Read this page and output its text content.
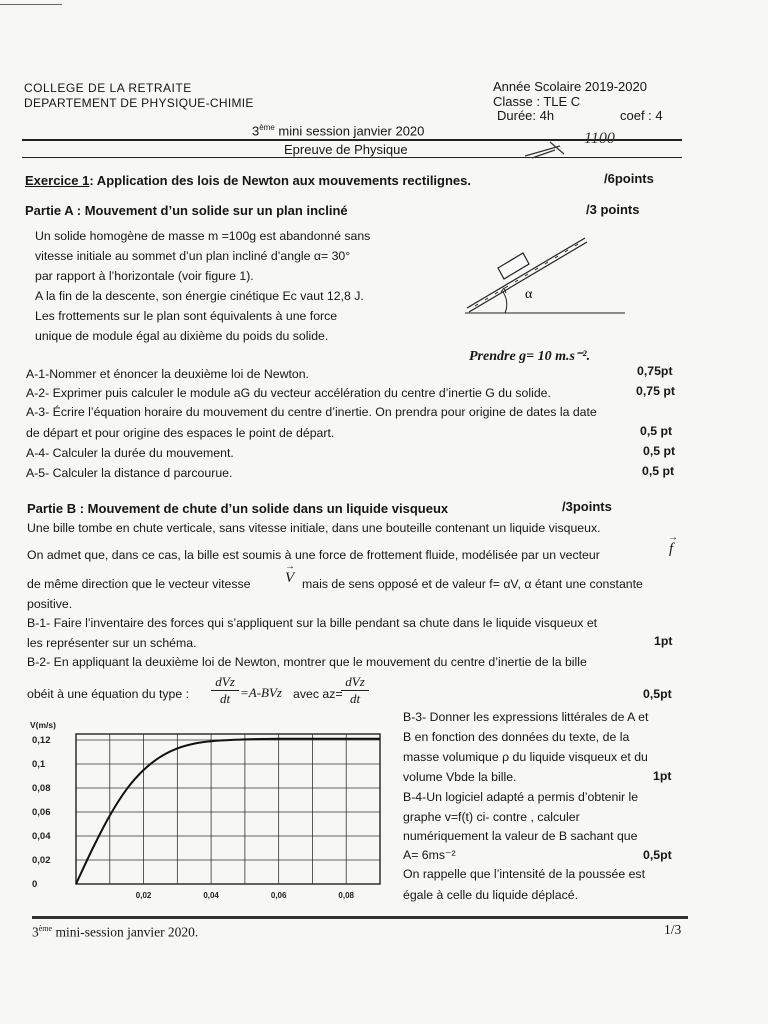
COLLEGE DE LA RETRAITE
DEPARTEMENT DE PHYSIQUE-CHIMIE
Année Scolaire 2019-2020
Classe : TLE C
Durée: 4h	coef : 4
3ème mini session janvier 2020
Epreuve de Physique
1100
Exercice 1: Application des lois de Newton aux mouvements rectilignes.	/6points
Partie A : Mouvement d’un solide sur un plan incliné	/3 points
Un solide homogène de masse m =100g est abandonné sans
vitesse initiale au sommet d’un plan incliné d’angle α= 30°
par rapport à l’horizontale (voir figure 1).
A la fin de la descente, son énergie cinétique Ec vaut 12,8 J.
Les frottements sur le plan sont équivalents à une force
unique de module égal au dixième du poids du solide.
α
Prendre g= 10 m.s⁻².
A-1-Nommer et énoncer la deuxième loi de Newton.	0,75pt
A-2- Exprimer puis calculer le module aG du vecteur accélération du centre d’inertie G du solide.	0,75 pt
A-3- Écrire l’équation horaire du mouvement du centre d’inertie. On prendra pour origine de dates la date
de départ et pour origine des espaces le point de départ.	0,5 pt
A-4- Calculer la durée du mouvement.	0,5 pt
A-5- Calculer la distance d parcourue.	0,5 pt
Partie B : Mouvement de chute d’un solide dans un liquide visqueux	/3points
Une bille tombe en chute verticale, sans vitesse initiale, dans une bouteille contenant un liquide visqueux.
On admet que, dans ce cas, la bille est soumis à une force de frottement fluide, modélisée par un vecteur	f
→
de même direction que le vecteur vitesse V
→
mais de sens opposé et de valeur f= αV, α étant une constante
positive.
B-1- Faire l’inventaire des forces qui s’appliquent sur la bille pendant sa chute dans le liquide visqueux et
les représenter sur un schéma.	1pt
B-2- En appliquant la deuxième loi de Newton, montrer que le mouvement du centre d’inertie de la bille
obéit à une équation du type :
dVz
dt =A-BVz avec az=
dVz
dt	0,5pt
0
0,02
0,04
0,06
0,08
0,1
0,12
0,02	0,04	0,06	0,08
V(m/s)
B-3- Donner les expressions littérales de A et
B en fonction des données du texte, de la
masse volumique ρ du liquide visqueux et du
volume Vbde la bille.	1pt
B-4-Un logiciel adapté a permis d’obtenir le
graphe v=f(t) ci- contre , calculer
numériquement la valeur de B sachant que
A= 6ms⁻²	0,5pt
On rappelle que l’intensité de la poussée est
égale à celle du liquide déplacé.
3ème mini-session janvier 2020.	1/3
